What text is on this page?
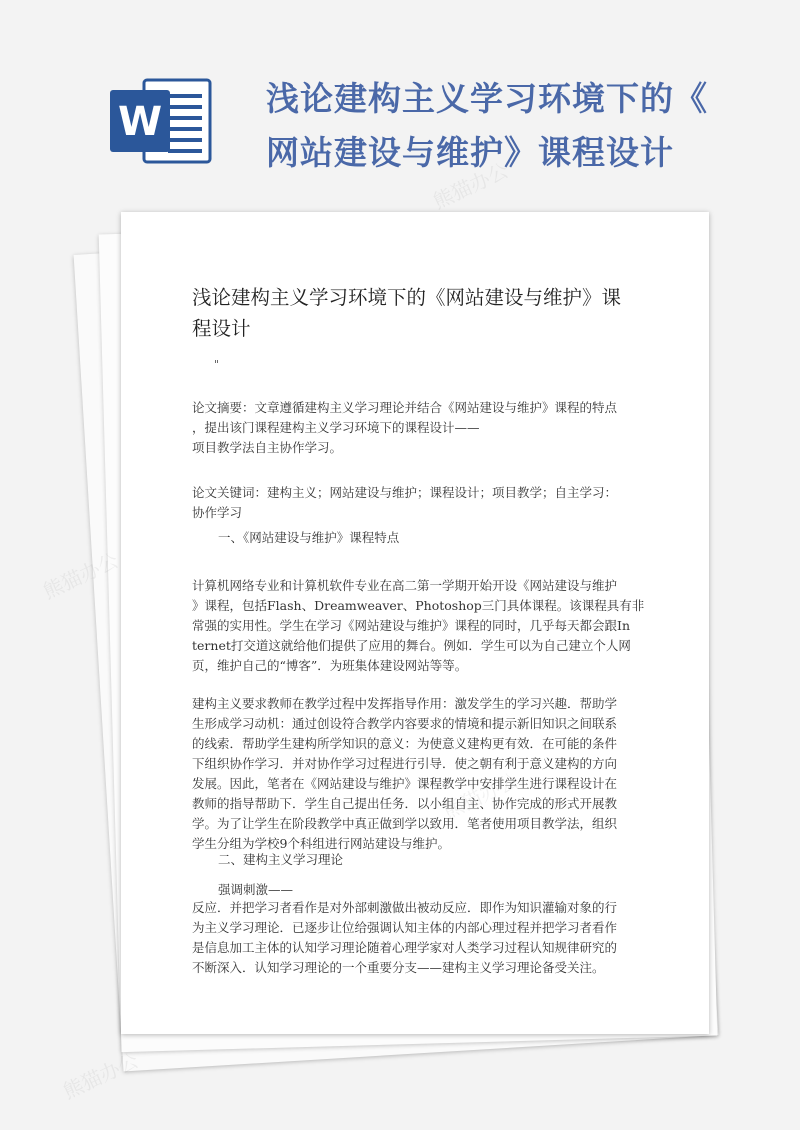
W
浅论建构主义学习环境下的《
网站建设与维护》课程设计
浅论建构主义学习环境下的《网站建设与维护》课
程设计
"
论文摘要：文章遵循建构主义学习理论并结合《网站建设与维护》课程的特点
，提出该门课程建构主义学习环境下的课程设计——
项目教学法自主协作学习。
论文关键词：建构主义；网站建设与维护；课程设计；项目教学；自主学习：
协作学习
一、《网站建设与维护》课程特点
计算机网络专业和计算机软件专业在高二第一学期开始开设《网站建设与维护
》课程，包括Flash、Dreamweaver、Photoshop三门具体课程。该课程具有非
常强的实用性。学生在学习《网站建设与维护》课程的同时，几乎每天都会跟In
ternet打交道这就给他们提供了应用的舞台。例如．学生可以为自己建立个人网
页，维护自己的“博客”．为班集体建设网站等等。
建构主义要求教师在教学过程中发挥指导作用：激发学生的学习兴趣．帮助学
生形成学习动机：通过创设符合教学内容要求的情境和提示新旧知识之间联系
的线索．帮助学生建构所学知识的意义：为使意义建构更有效．在可能的条件
下组织协作学习．并对协作学习过程进行引导．使之朝有利于意义建构的方向
发展。因此，笔者在《网站建设与维护》课程教学中安排学生进行课程设计在
教师的指导帮助下．学生自己提出任务．以小组自主、协作完成的形式开展教
学。为了让学生在阶段教学中真正做到学以致用．笔者使用项目教学法，组织
学生分组为学校9个科组进行网站建设与维护。
二、建构主义学习理论
强调刺激——
反应．并把学习者看作是对外部刺激做出被动反应．即作为知识灌输对象的行
为主义学习理论．已逐步让位给强调认知主体的内部心理过程并把学习者看作
是信息加工主体的认知学习理论随着心理学家对人类学习过程认知规律研究的
不断深入．认知学习理论的一个重要分支——建构主义学习理论备受关注。
熊猫办公
熊猫办公
熊猫办公
